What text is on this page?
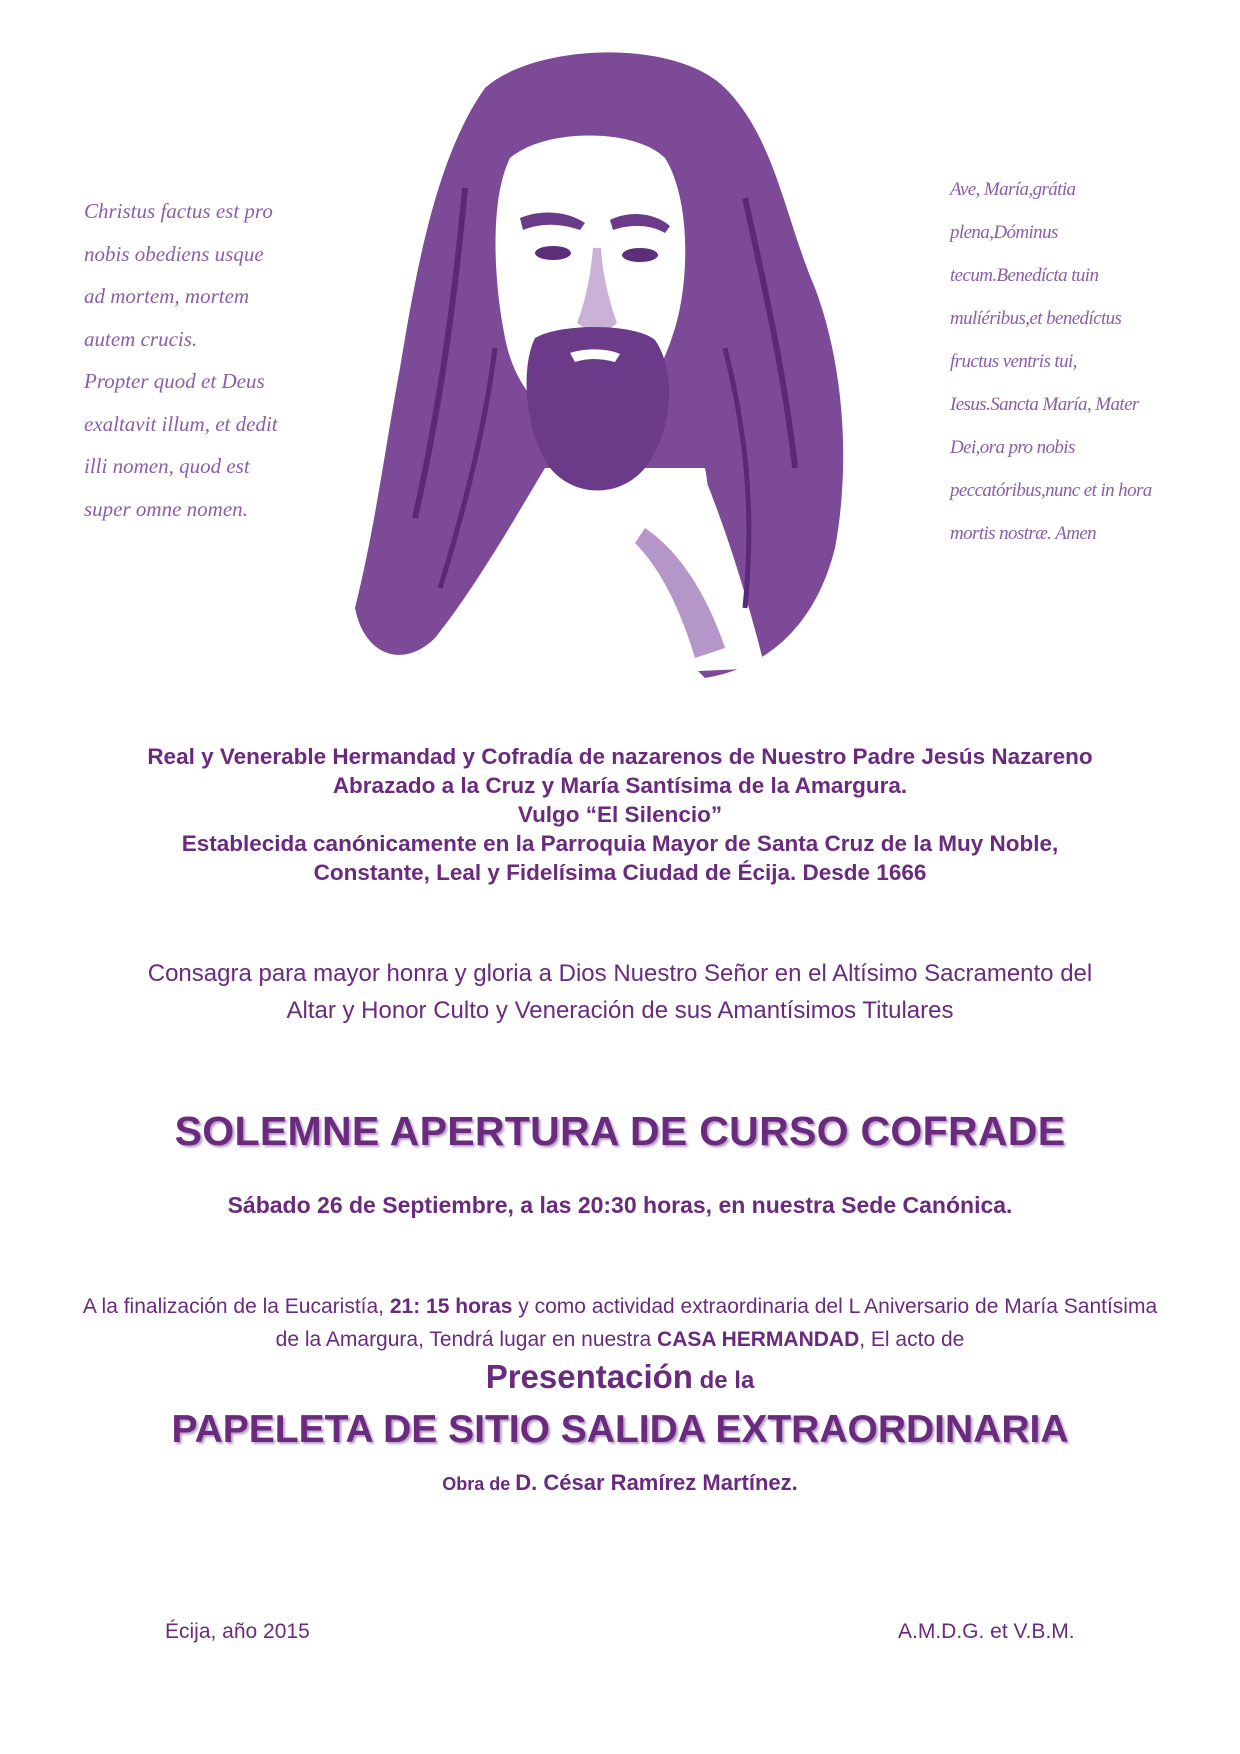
Christus factus est pro
nobis obediens usque
ad mortem, mortem
autem crucis.
Propter quod et Deus
exaltavit illum, et dedit
illi nomen, quod est
super omne nomen.
Ave, María,grátia
plena,Dóminus
tecum.Benedícta tuin
mulíéribus,et benedíctus
fructus ventris tui,
Iesus.Sancta María, Mater
Dei,ora pro nobis
peccatóribus,nunc et in hora
mortis nostræ. Amen
Real y Venerable Hermandad y Cofradía de nazarenos de Nuestro Padre Jesús Nazareno
Abrazado a la Cruz y María Santísima de la Amargura.
Vulgo “El Silencio”
Establecida canónicamente en la Parroquia Mayor de Santa Cruz de la Muy Noble,
Constante, Leal y Fidelísima Ciudad de Écija. Desde 1666
Consagra para mayor honra y gloria a Dios Nuestro Señor en el Altísimo Sacramento del
Altar y Honor Culto y Veneración de sus Amantísimos Titulares
SOLEMNE APERTURA DE CURSO COFRADE
Sábado 26 de Septiembre, a las 20:30 horas, en nuestra Sede Canónica.
A la finalización de la Eucaristía, 21: 15 horas y como actividad extraordinaria del L Aniversario de María Santísima de la Amargura, Tendrá lugar en nuestra CASA HERMANDAD, El acto de
Presentación de la
PAPELETA DE SITIO SALIDA EXTRAORDINARIA
Obra de D. César Ramírez Martínez.
Écija, año 2015	A.M.D.G. et V.B.M.
